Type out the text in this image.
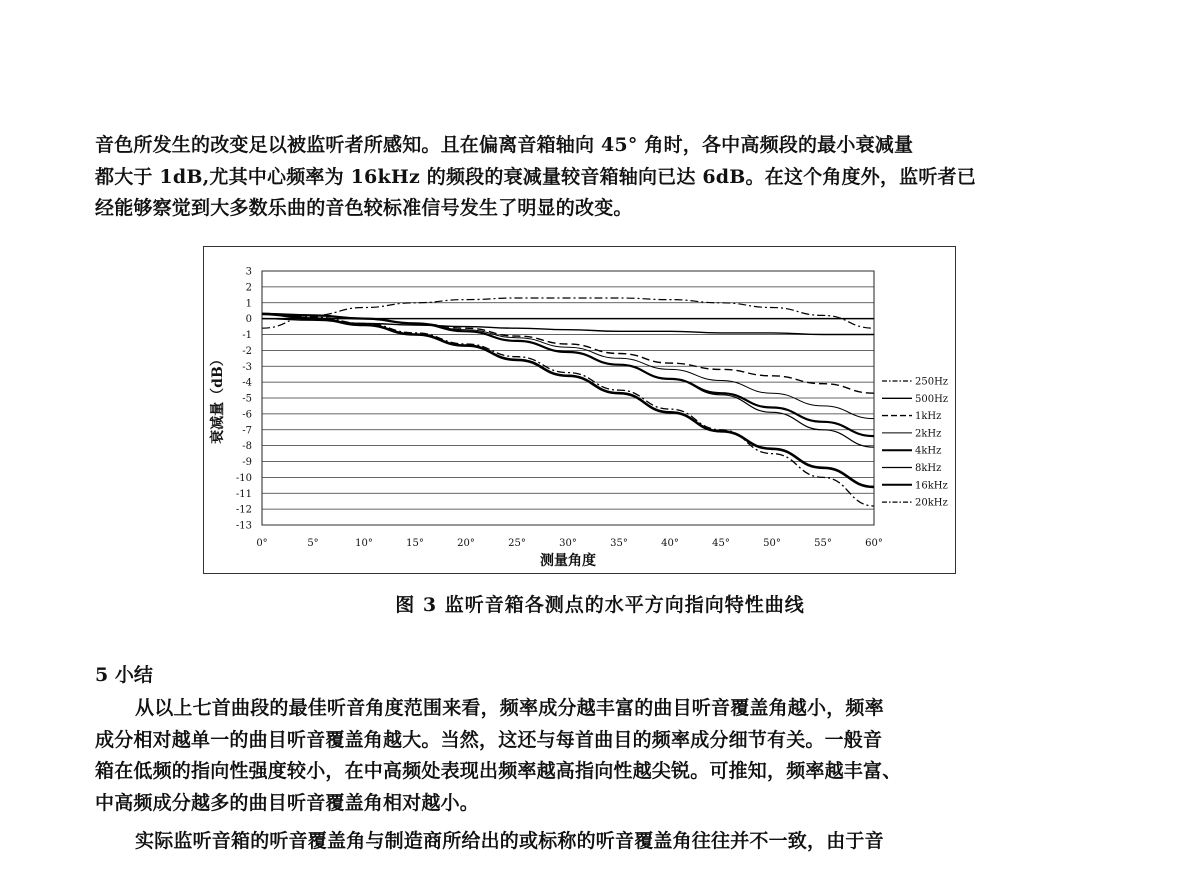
音色所发生的改变足以被监听者所感知。且在偏离音箱轴向 45° 角时，各中高频段的最小衰减量
都大于 1dB,尤其中心频率为 16kHz 的频段的衰减量较音箱轴向已达 6dB。在这个角度外，监听者已
经能够察觉到大多数乐曲的音色较标准信号发生了明显的改变。
3
2
1
0
-1
-2
-3
-4
-5
-6
-7
-8
-9
-10
-11
-12
-13
0°	5°	10°	15°	20°	25°	30°	35°	40°	45°	50°	55°	60°
测量角度
衰减量（dB）	250Hz
500Hz
1kHz
2kHz
4kHz
8kHz
16kHz
20kHz
图 3 监听音箱各测点的水平方向指向特性曲线
5 小结
从以上七首曲段的最佳听音角度范围来看，频率成分越丰富的曲目听音覆盖角越小，频率
成分相对越单一的曲目听音覆盖角越大。当然，这还与每首曲目的频率成分细节有关。一般音
箱在低频的指向性强度较小，在中高频处表现出频率越高指向性越尖锐。可推知，频率越丰富、
中高频成分越多的曲目听音覆盖角相对越小。
实际监听音箱的听音覆盖角与制造商所给出的或标称的听音覆盖角往往并不一致，由于音
